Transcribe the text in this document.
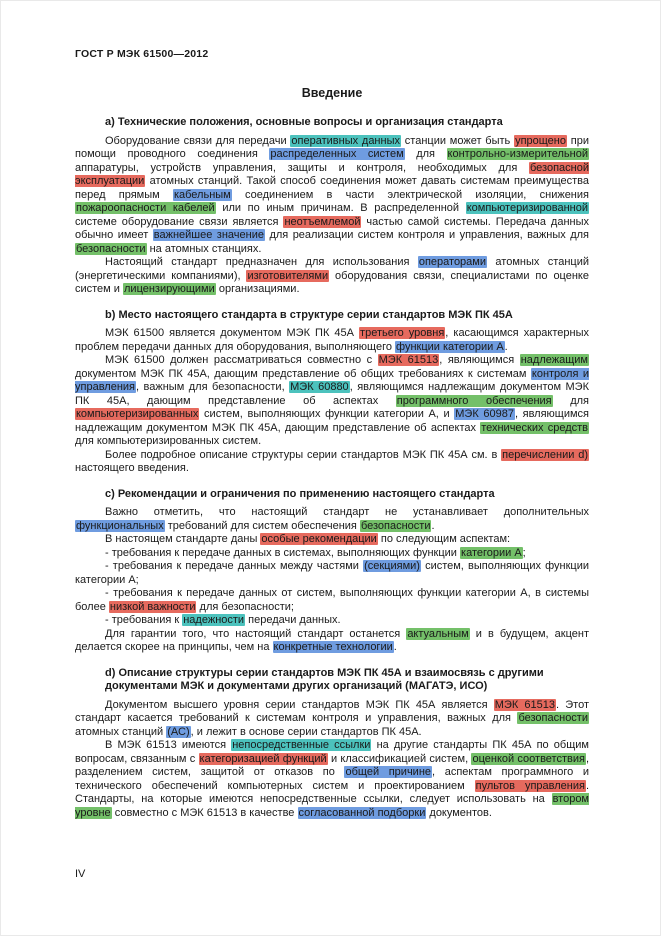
ГОСТ Р МЭК 61500—2012
Введение
a) Технические положения, основные вопросы и организация стандарта

Оборудование связи для передачи оперативных данных станции может быть упрощено при помощи проводного соединения распределенных систем для контрольно-измерительной аппаратуры, устройств управления, защиты и контроля, необходимых для безопасной эксплуатации атомных станций. Такой способ соединения может давать системам преимущества перед прямым кабельным соединением в части электрической изоляции, снижения пожароопасности кабелей или по иным причинам. В распределенной компьютеризированной системе оборудование связи является неотъемлемой частью самой системы. Передача данных обычно имеет важнейшее значение для реализации систем контроля и управления, важных для безопасности на атомных станциях.

Настоящий стандарт предназначен для использования операторами атомных станций (энергетическими компаниями), изготовителями оборудования связи, специалистами по оценке систем и лицензирующими организациями.

b) Место настоящего стандарта в структуре серии стандартов МЭК ПК 45А

МЭК 61500 является документом МЭК ПК 45А третьего уровня, касающимся характерных проблем передачи данных для оборудования, выполняющего функции категории А.

МЭК 61500 должен рассматриваться совместно с МЭК 61513, являющимся надлежащим документом МЭК ПК 45А, дающим представление об общих требованиях к системам контроля и управления, важным для безопасности, МЭК 60880, являющимся надлежащим документом МЭК ПК 45А, дающим представление об аспектах программного обеспечения для компьютеризированных систем, выполняющих функции категории А, и МЭК 60987, являющимся надлежащим документом МЭК ПК 45А, дающим представление об аспектах технических средств для компьютеризированных систем.

Более подробное описание структуры серии стандартов МЭК ПК 45А см. в перечислении d) настоящего введения.

c) Рекомендации и ограничения по применению настоящего стандарта

Важно отметить, что настоящий стандарт не устанавливает дополнительных функциональных требований для систем обеспечения безопасности.

В настоящем стандарте даны особые рекомендации по следующим аспектам:

- требования к передаче данных в системах, выполняющих функции категории А;

- требования к передаче данных между частями (секциями) систем, выполняющих функции категории А;

- требования к передаче данных от систем, выполняющих функции категории А, в системы более низкой важности для безопасности;

- требования к надежности передачи данных.

Для гарантии того, что настоящий стандарт останется актуальным и в будущем, акцент делается скорее на принципы, чем на конкретные технологии.

d) Описание структуры серии стандартов МЭК ПК 45А и взаимосвязь с другими документами МЭК и документами других организаций (МАГАТЭ, ИСО)

Документом высшего уровня серии стандартов МЭК ПК 45А является МЭК 61513. Этот стандарт касается требований к системам контроля и управления, важных для безопасности атомных станций (АС), и лежит в основе серии стандартов ПК 45А.

В МЭК 61513 имеются непосредственные ссылки на другие стандарты ПК 45А по общим вопросам, связанным с категоризацией функций и классификацией систем, оценкой соответствия, разделением систем, защитой от отказов по общей причине, аспектам программного и технического обеспечений компьютерных систем и проектированием пультов управления. Стандарты, на которые имеются непосредственные ссылки, следует использовать на втором уровне совместно с МЭК 61513 в качестве согласованной подборки документов.

IV
